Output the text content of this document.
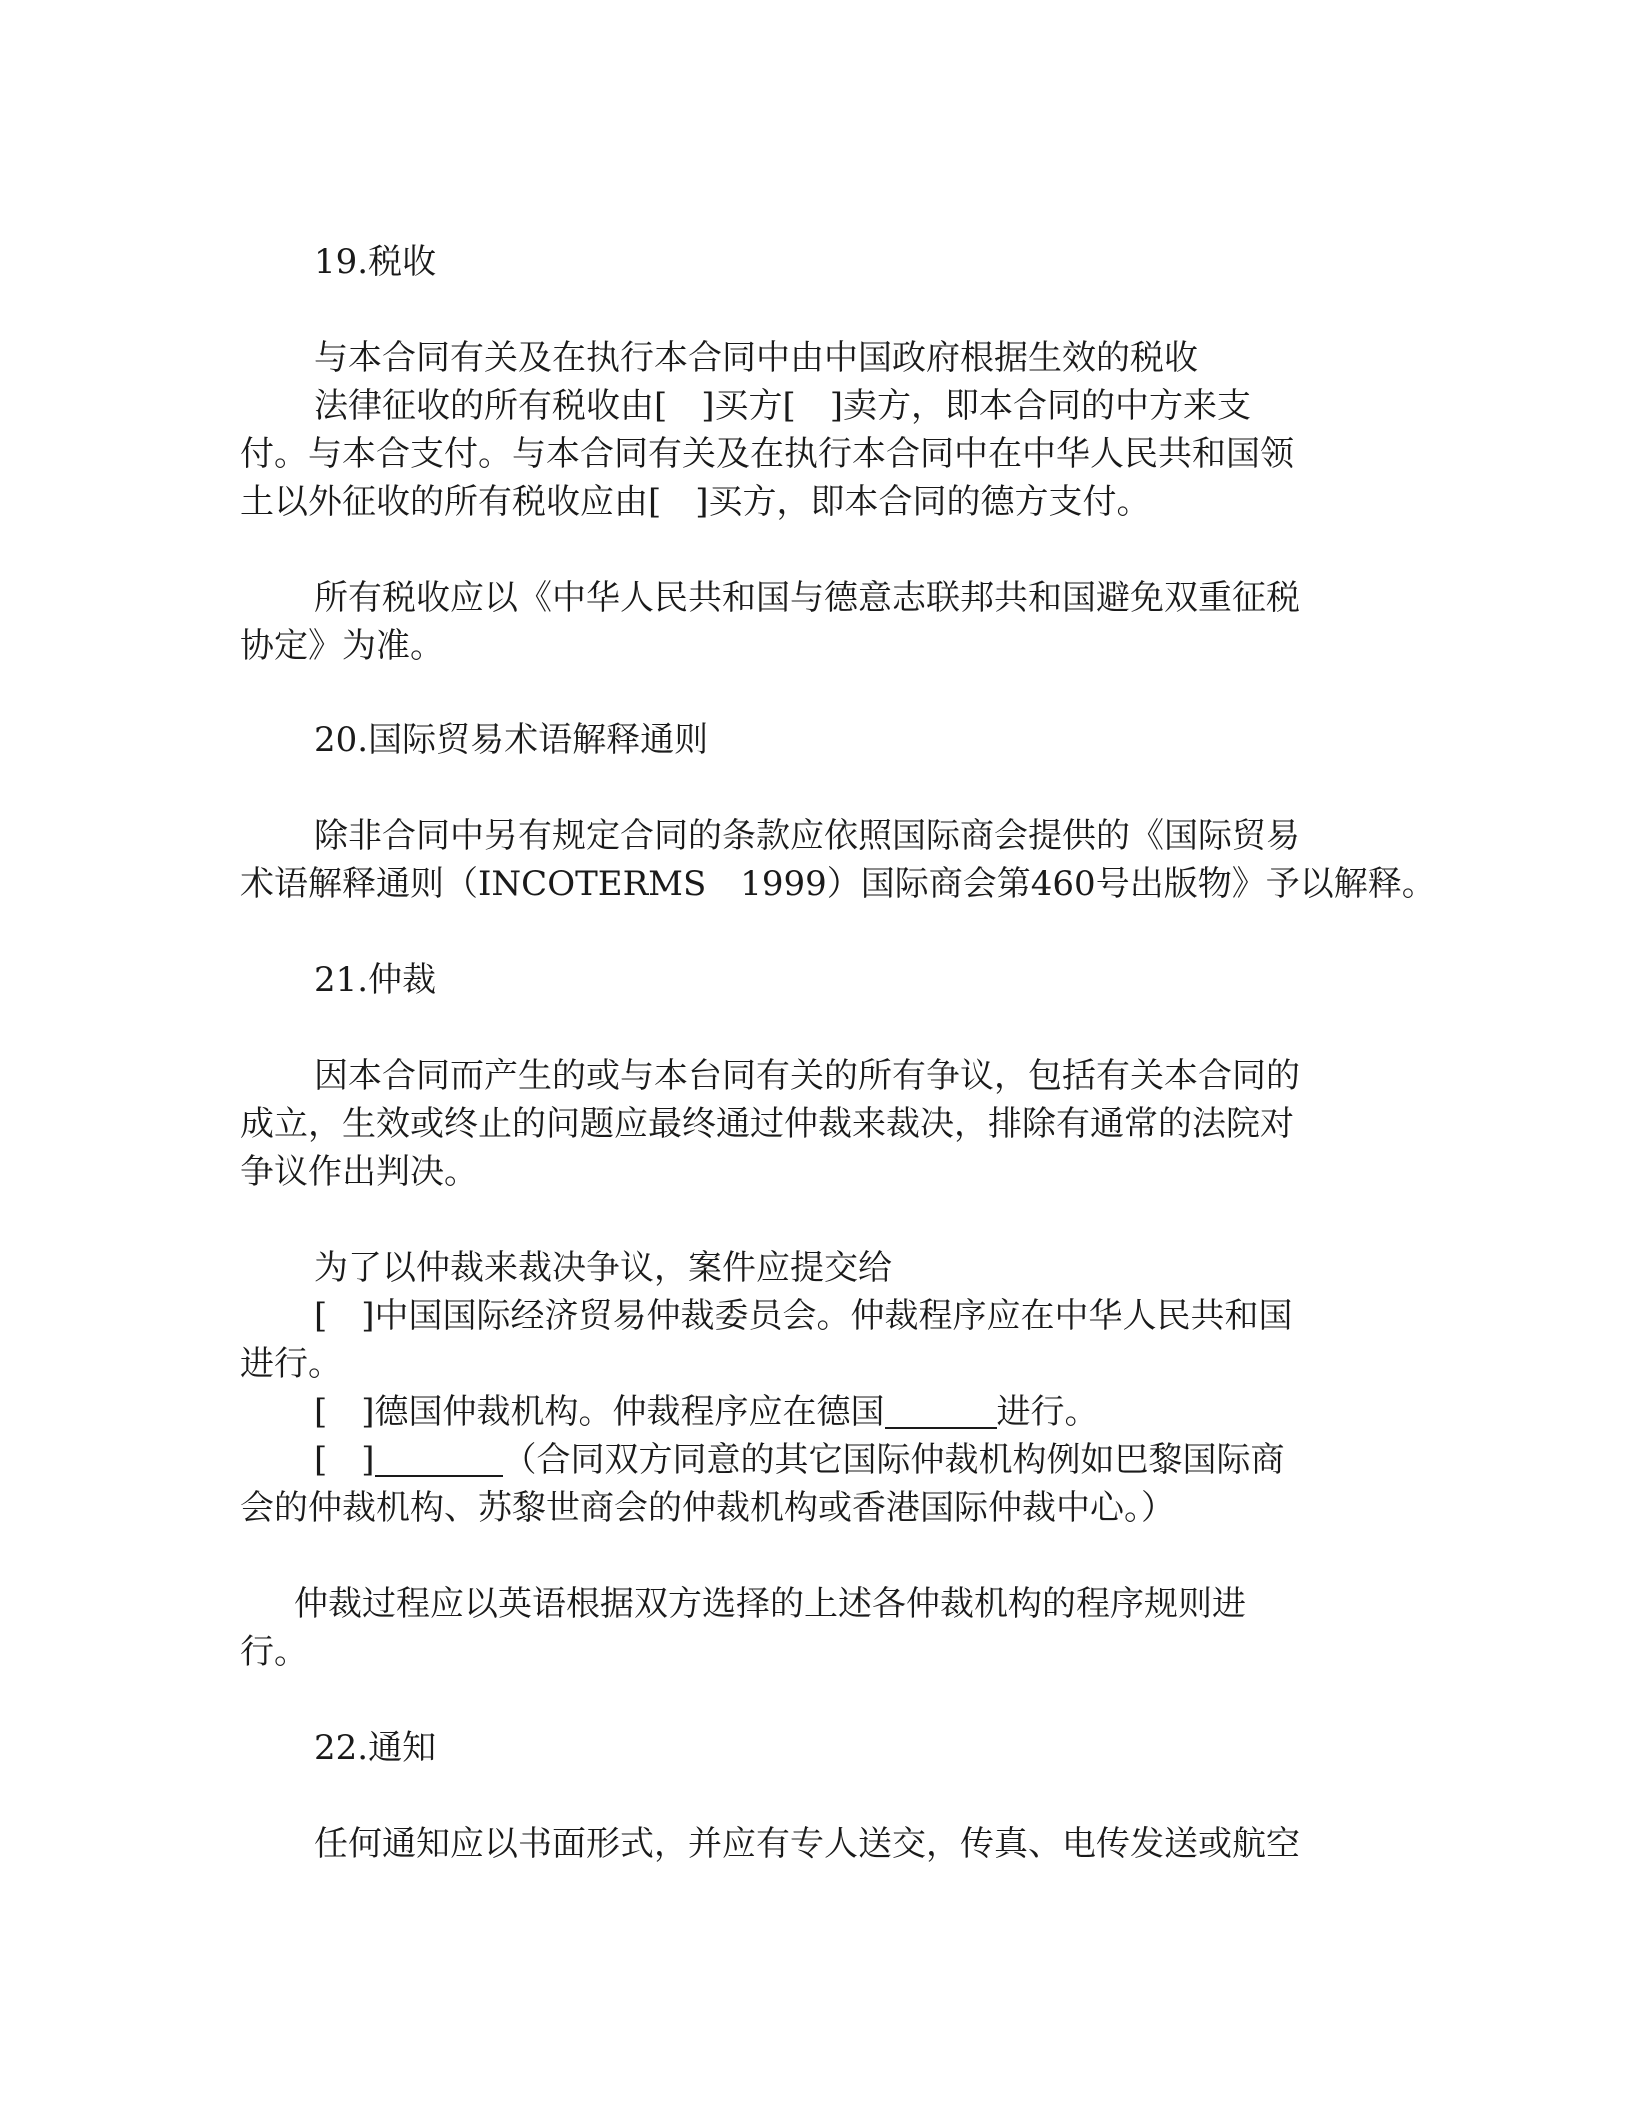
19.税收
与本合同有关及在执行本合同中由中国政府根据生效的税收
法律征收的所有税收由[　]买方[　]卖方，即本合同的中方来支
付。与本合支付。与本合同有关及在执行本合同中在中华人民共和国领
土以外征收的所有税收应由[　]买方，即本合同的德方支付。
所有税收应以《中华人民共和国与德意志联邦共和国避免双重征税
协定》为准。
20.国际贸易术语解释通则
除非合同中另有规定合同的条款应依照国际商会提供的《国际贸易
术语解释通则（INCOTERMS　1999）国际商会第460号出版物》予以解释。
21.仲裁
因本合同而产生的或与本台同有关的所有争议，包括有关本合同的
成立，生效或终止的问题应最终通过仲裁来裁决，排除有通常的法院对
争议作出判决。
为了以仲裁来裁决争议，案件应提交给
[　]中国国际经济贸易仲裁委员会。仲裁程序应在中华人民共和国
进行。
[　]德国仲裁机构。仲裁程序应在德国	进行。
[　]	（合同双方同意的其它国际仲裁机构例如巴黎国际商
会的仲裁机构、苏黎世商会的仲裁机构或香港国际仲裁中心。）
仲裁过程应以英语根据双方选择的上述各仲裁机构的程序规则进
行。
22.通知
任何通知应以书面形式，并应有专人送交，传真、电传发送或航空
